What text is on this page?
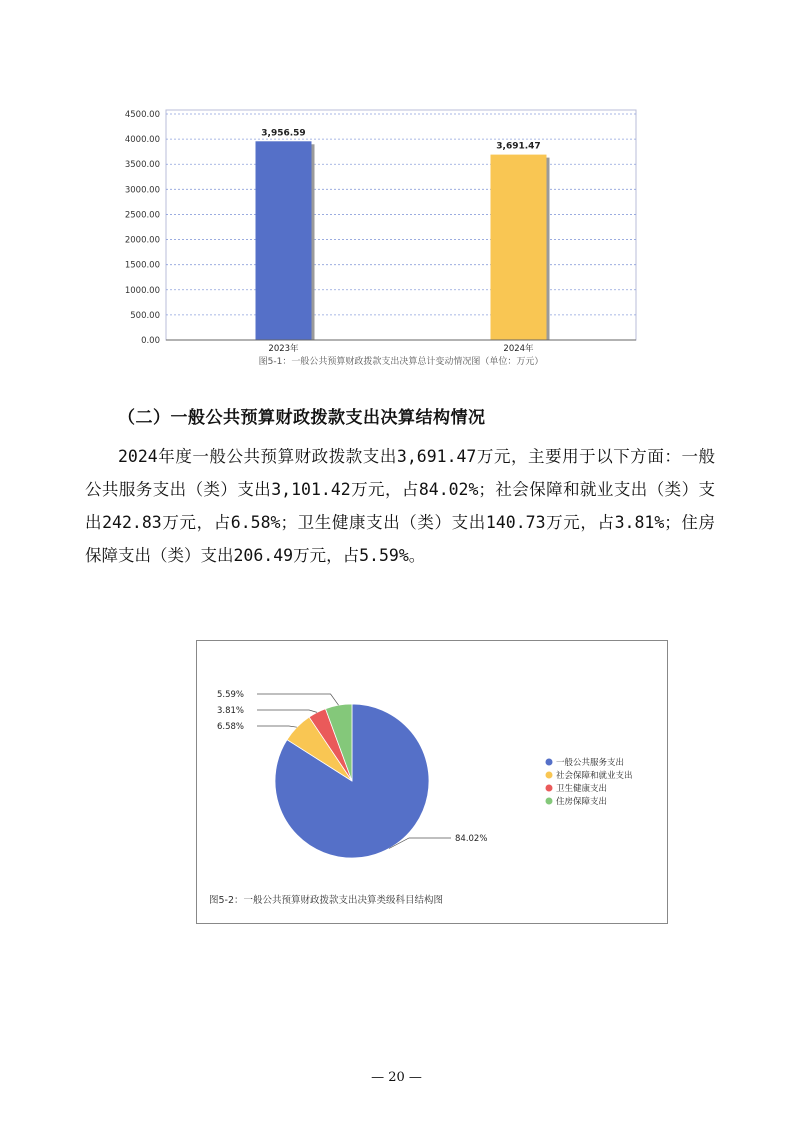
0.00
500.00
1000.00
1500.00
2000.00
2500.00
3000.00
3500.00
4000.00
4500.00
3,956.59
2023年
3,691.47
2024年
图5-1：一般公共预算财政拨款支出决算总计变动情况图（单位：万元）
（二）一般公共预算财政拨款支出决算结构情况
2024年度一般公共预算财政拨款支出3,691.47万元，主要用于以下方面：一般公共服务支出（类）支出3,101.42万元，占84.02%；社会保障和就业支出（类）支出242.83万元，占6.58%；卫生健康支出（类）支出140.73万元，占3.81%；住房保障支出（类）支出206.49万元，占5.59%。
84.02%
6.58%
3.81%
5.59%
一般公共服务支出
社会保障和就业支出
卫生健康支出
住房保障支出
图5-2：一般公共预算财政拨款支出决算类级科目结构图
— 20 —
